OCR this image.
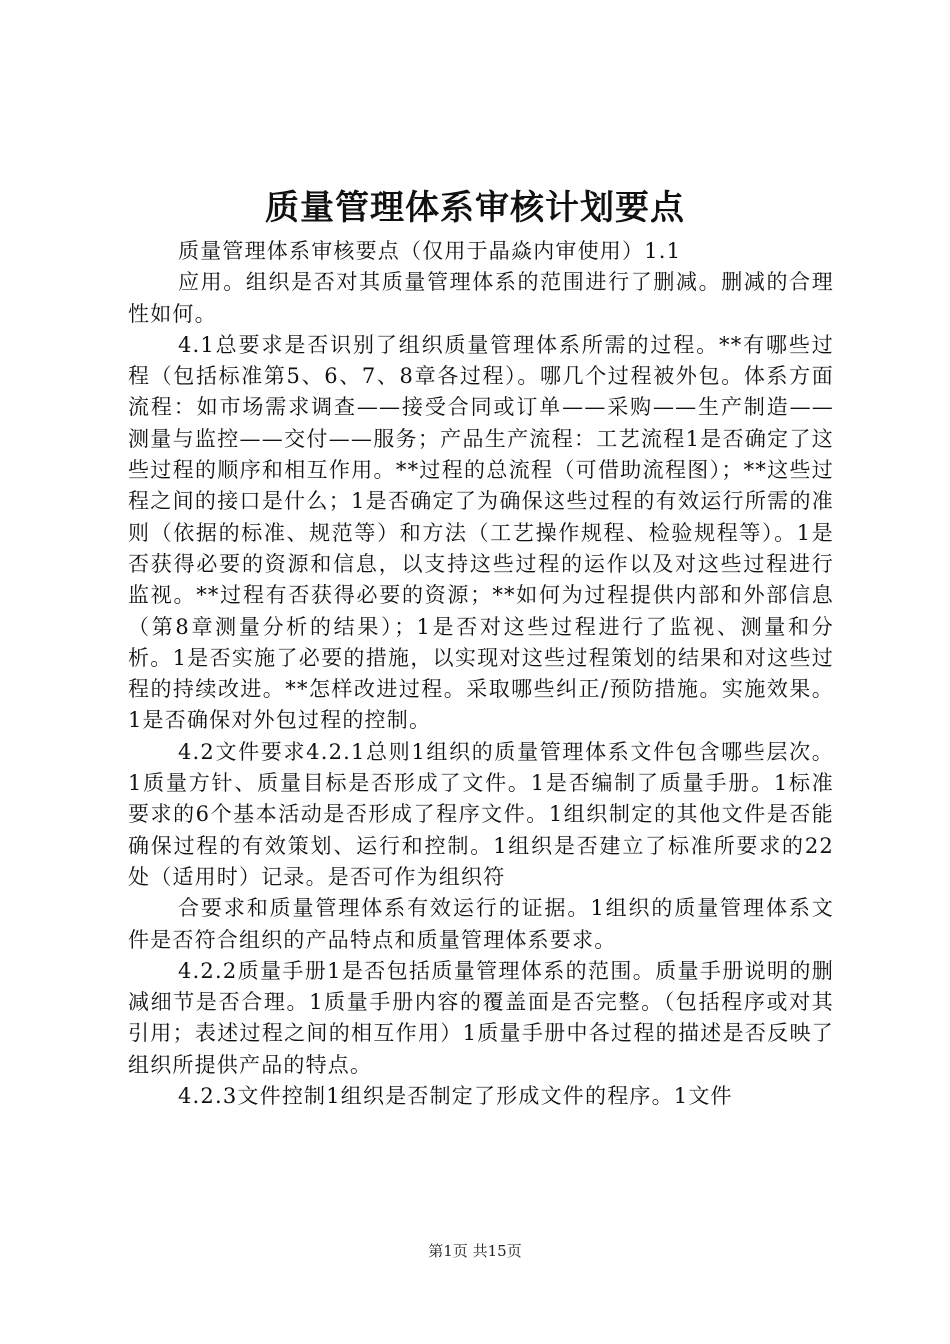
质量管理体系审核计划要点

质量管理体系审核要点（仅用于晶焱内审使用）1.1

应用。组织是否对其质量管理体系的范围进行了删减。删减的合理性如何。

4.1总要求是否识别了组织质量管理体系所需的过程。**有哪些过程（包括标准第5、6、7、8章各过程）。哪几个过程被外包。体系方面流程：如市场需求调查——接受合同或订单——采购——生产制造——测量与监控——交付——服务；产品生产流程：工艺流程1是否确定了这些过程的顺序和相互作用。**过程的总流程（可借助流程图）；**这些过程之间的接口是什么；1是否确定了为确保这些过程的有效运行所需的准则（依据的标准、规范等）和方法（工艺操作规程、检验规程等）。1是否获得必要的资源和信息，以支持这些过程的运作以及对这些过程进行监视。**过程有否获得必要的资源；**如何为过程提供内部和外部信息（第8章测量分析的结果）；1是否对这些过程进行了监视、测量和分析。1是否实施了必要的措施，以实现对这些过程策划的结果和对这些过程的持续改进。**怎样改进过程。采取哪些纠正/预防措施。实施效果。1是否确保对外包过程的控制。

4.2文件要求4.2.1总则1组织的质量管理体系文件包含哪些层次。1质量方针、质量目标是否形成了文件。1是否编制了质量手册。1标准要求的6个基本活动是否形成了程序文件。1组织制定的其他文件是否能确保过程的有效策划、运行和控制。1组织是否建立了标准所要求的22处（适用时）记录。是否可作为组织符

合要求和质量管理体系有效运行的证据。1组织的质量管理体系文件是否符合组织的产品特点和质量管理体系要求。

4.2.2质量手册1是否包括质量管理体系的范围。质量手册说明的删减细节是否合理。1质量手册内容的覆盖面是否完整。（包括程序或对其引用；表述过程之间的相互作用）1质量手册中各过程的描述是否反映了组织所提供产品的特点。

4.2.3文件控制1组织是否制定了形成文件的程序。1文件

第1页 共15页
